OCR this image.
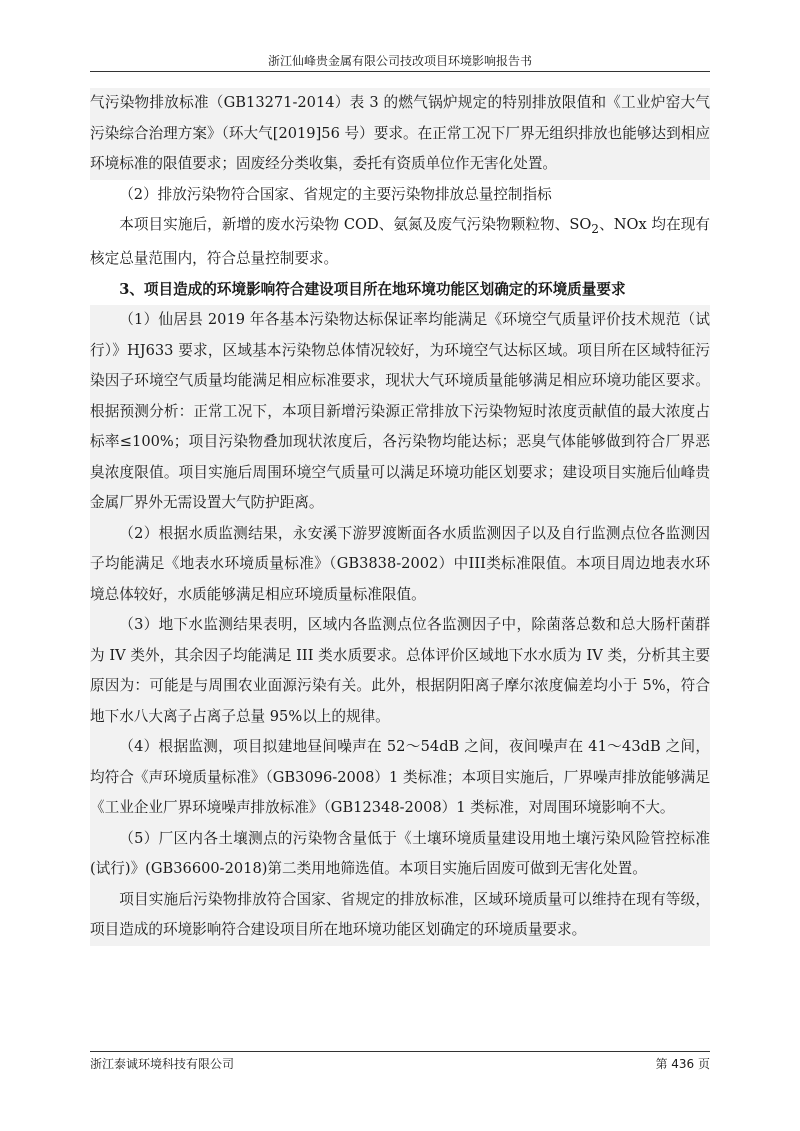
浙江仙峰贵金属有限公司技改项目环境影响报告书

气污染物排放标准（GB13271-2014）表 3 的燃气锅炉规定的特别排放限值和《工业炉窑大气污染综合治理方案》（环大气[2019]56 号）要求。在正常工况下厂界无组织排放也能够达到相应环境标准的限值要求；固废经分类收集，委托有资质单位作无害化处置。

（2）排放污染物符合国家、省规定的主要污染物排放总量控制指标

本项目实施后，新增的废水污染物 COD、氨氮及废气污染物颗粒物、$SO_2$、NOx 均在现有核定总量范围内，符合总量控制要求。

3、项目造成的环境影响符合建设项目所在地环境功能区划确定的环境质量要求

（1）仙居县 2019 年各基本污染物达标保证率均能满足《环境空气质量评价技术规范（试行）》HJ633 要求，区域基本污染物总体情况较好，为环境空气达标区域。项目所在区域特征污染因子环境空气质量均能满足相应标准要求，现状大气环境质量能够满足相应环境功能区要求。根据预测分析：正常工况下，本项目新增污染源正常排放下污染物短时浓度贡献值的最大浓度占标率≤100%；项目污染物叠加现状浓度后，各污染物均能达标；恶臭气体能够做到符合厂界恶臭浓度限值。项目实施后周围环境空气质量可以满足环境功能区划要求；建设项目实施后仙峰贵金属厂界外无需设置大气防护距离。

（2）根据水质监测结果，永安溪下游罗渡断面各水质监测因子以及自行监测点位各监测因子均能满足《地表水环境质量标准》（GB3838-2002）中III类标准限值。本项目周边地表水环境总体较好，水质能够满足相应环境质量标准限值。

（3）地下水监测结果表明，区域内各监测点位各监测因子中，除菌落总数和总大肠杆菌群为 IV 类外，其余因子均能满足 III 类水质要求。总体评价区域地下水水质为 IV 类，分析其主要原因为：可能是与周围农业面源污染有关。此外，根据阴阳离子摩尔浓度偏差均小于 5%，符合地下水八大离子占离子总量 95%以上的规律。

（4）根据监测，项目拟建地昼间噪声在 52～54dB 之间，夜间噪声在 41～43dB 之间，均符合《声环境质量标准》（GB3096-2008）1 类标准；本项目实施后，厂界噪声排放能够满足《工业企业厂界环境噪声排放标准》（GB12348-2008）1 类标准，对周围环境影响不大。

（5）厂区内各土壤测点的污染物含量低于《土壤环境质量建设用地土壤污染风险管控标准(试行)》(GB36600-2018)第二类用地筛选值。本项目实施后固废可做到无害化处置。

项目实施后污染物排放符合国家、省规定的排放标准，区域环境质量可以维持在现有等级，项目造成的环境影响符合建设项目所在地环境功能区划确定的环境质量要求。

浙江泰诚环境科技有限公司	第 436 页
